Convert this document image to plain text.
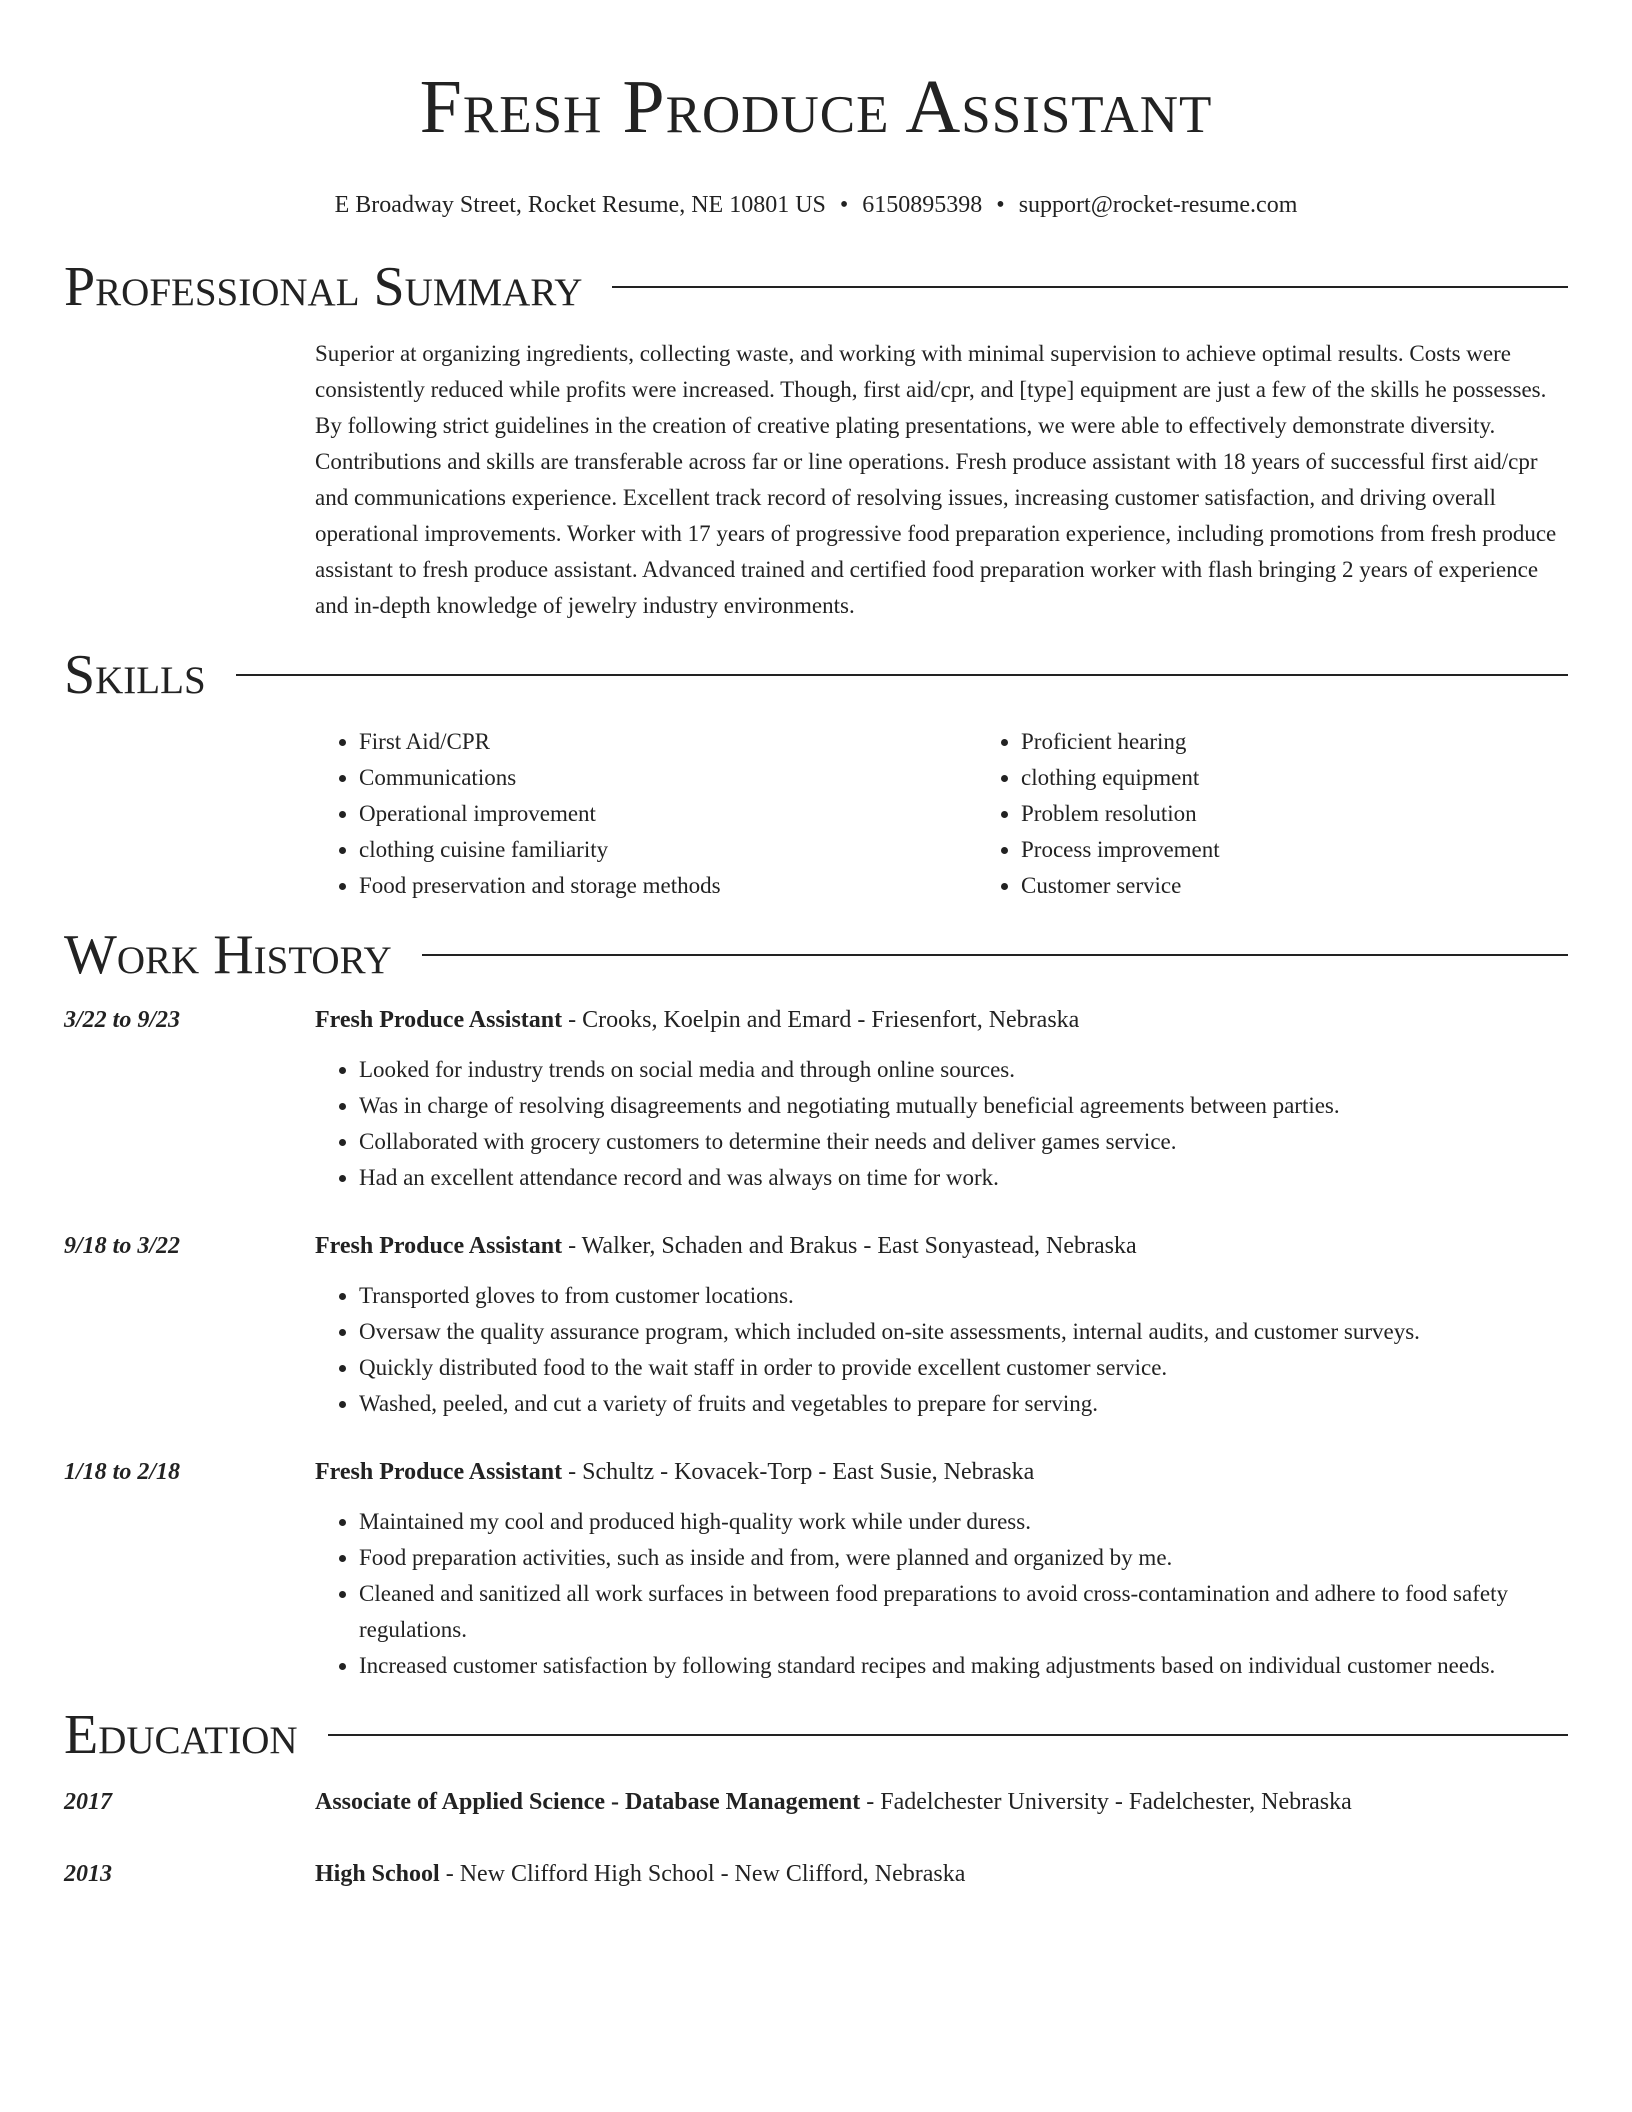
Fresh Produce Assistant
E Broadway Street, Rocket Resume, NE 10801 US • 6150895398 • support@rocket-resume.com
Professional Summary

Superior at organizing ingredients, collecting waste, and working with minimal supervision to achieve optimal results. Costs were consistently reduced while profits were increased. Though, first aid/cpr, and [type] equipment are just a few of the skills he possesses. By following strict guidelines in the creation of creative plating presentations, we were able to effectively demonstrate diversity. Contributions and skills are transferable across far or line operations. Fresh produce assistant with 18 years of successful first aid/cpr and communications experience. Excellent track record of resolving issues, increasing customer satisfaction, and driving overall operational improvements. Worker with 17 years of progressive food preparation experience, including promotions from fresh produce assistant to fresh produce assistant. Advanced trained and certified food preparation worker with flash bringing 2 years of experience and in-depth knowledge of jewelry industry environments.

Skills
• First Aid/CPR
• Communications
• Operational improvement
• clothing cuisine familiarity
• Food preservation and storage methods
• Proficient hearing
• clothing equipment
• Problem resolution
• Process improvement
• Customer service
Work History
3/22 to 9/23	Fresh Produce Assistant - Crooks, Koelpin and Emard - Friesenfort, Nebraska
• Looked for industry trends on social media and through online sources.
• Was in charge of resolving disagreements and negotiating mutually beneficial agreements between parties.
• Collaborated with grocery customers to determine their needs and deliver games service.
• Had an excellent attendance record and was always on time for work.
9/18 to 3/22	Fresh Produce Assistant - Walker, Schaden and Brakus - East Sonyastead, Nebraska
• Transported gloves to from customer locations.
• Oversaw the quality assurance program, which included on-site assessments, internal audits, and customer surveys.
• Quickly distributed food to the wait staff in order to provide excellent customer service.
• Washed, peeled, and cut a variety of fruits and vegetables to prepare for serving.
1/18 to 2/18	Fresh Produce Assistant - Schultz - Kovacek-Torp - East Susie, Nebraska
• Maintained my cool and produced high-quality work while under duress.
• Food preparation activities, such as inside and from, were planned and organized by me.
• Cleaned and sanitized all work surfaces in between food preparations to avoid cross-contamination and adhere to food safety regulations.
• Increased customer satisfaction by following standard recipes and making adjustments based on individual customer needs.
Education
2017	Associate of Applied Science - Database Management - Fadelchester University - Fadelchester, Nebraska
2013	High School - New Clifford High School - New Clifford, Nebraska
